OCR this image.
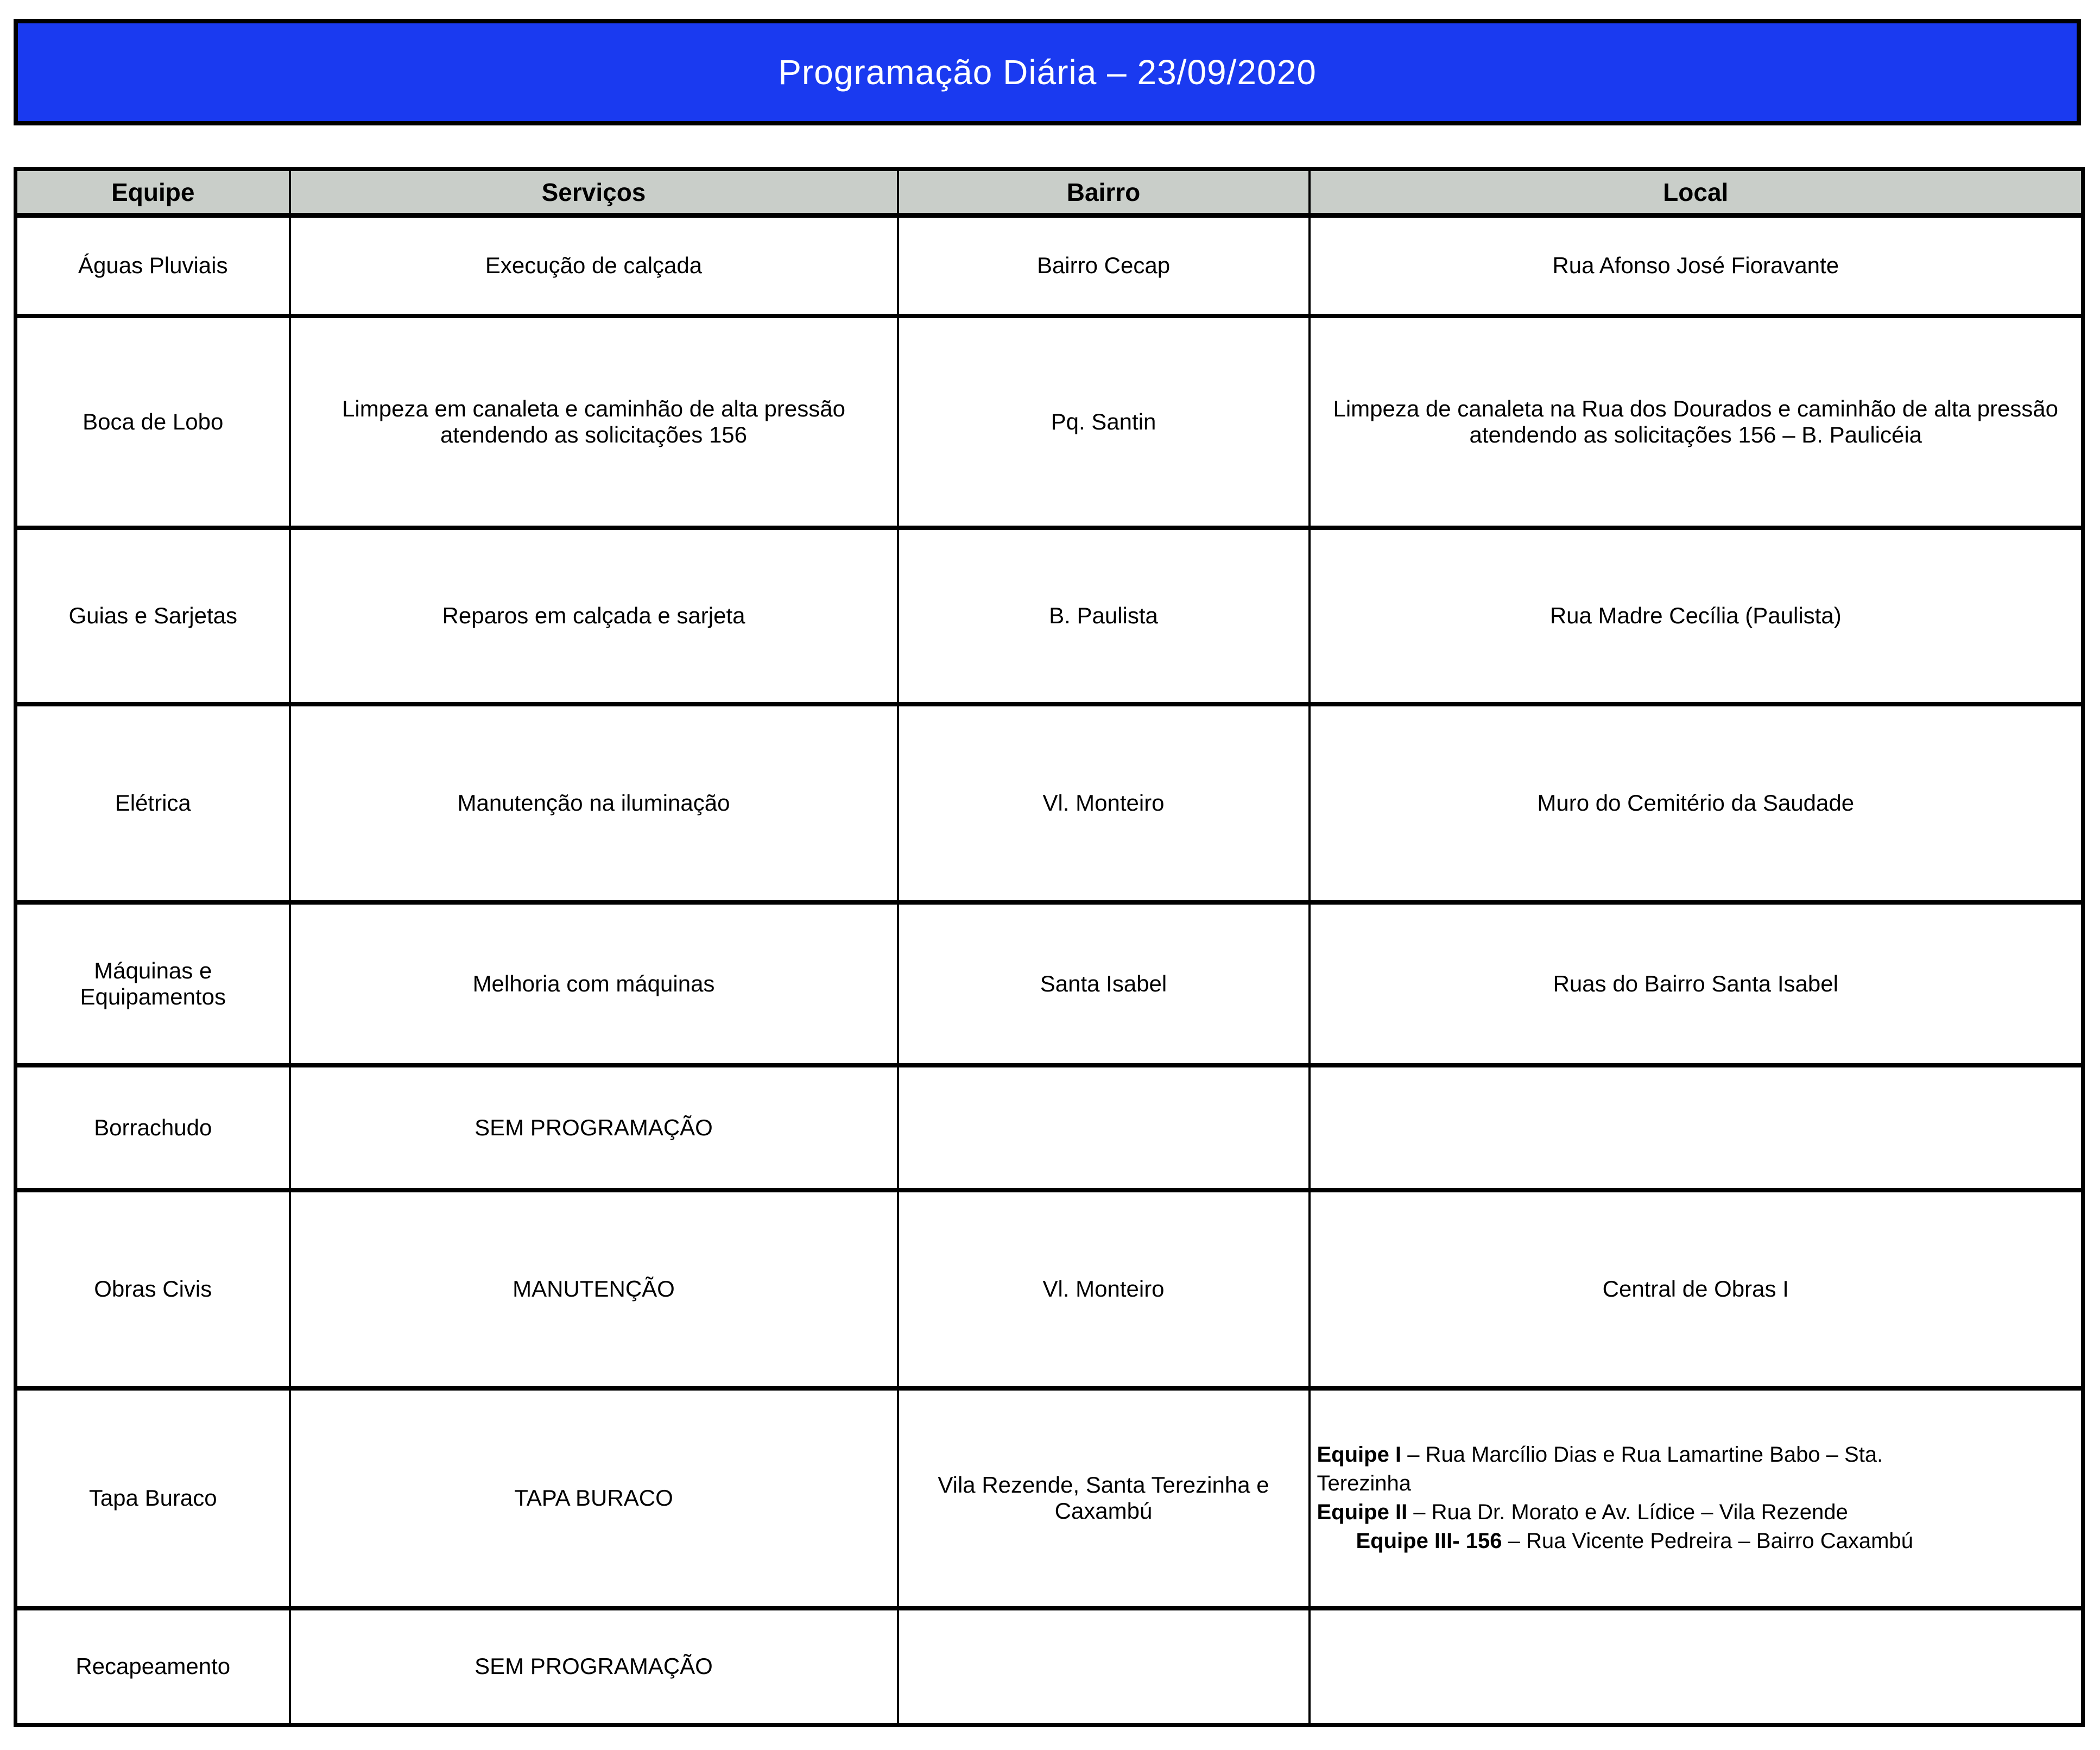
Programação Diária – 23/09/2020
Equipe	Serviços	Bairro	Local
Águas Pluviais	Execução de calçada	Bairro Cecap	Rua Afonso José Fioravante
Boca de Lobo	Limpeza em canaleta e caminhão de alta pressão atendendo as solicitações 156	Pq. Santin	Limpeza de canaleta na Rua dos Dourados e caminhão de alta pressão atendendo as solicitações 156 – B. Paulicéia
Guias e Sarjetas	Reparos em calçada e sarjeta	B. Paulista	Rua Madre Cecília (Paulista)
Elétrica	Manutenção na iluminação	Vl. Monteiro	Muro do Cemitério da Saudade
Máquinas e Equipamentos	Melhoria com máquinas	Santa Isabel	Ruas do Bairro Santa Isabel
Borrachudo	SEM PROGRAMAÇÃO		
Obras Civis	MANUTENÇÃO	Vl. Monteiro	Central de Obras I
Tapa Buraco	TAPA BURACO	Vila Rezende, Santa Terezinha e Caxambú	Equipe I – Rua Marcílio Dias e Rua Lamartine Babo – Sta.
Terezinha
Equipe II – Rua Dr. Morato e Av. Lídice – Vila Rezende
Equipe III- 156 – Rua Vicente Pedreira – Bairro Caxambú

Recapeamento	SEM PROGRAMAÇÃO		
